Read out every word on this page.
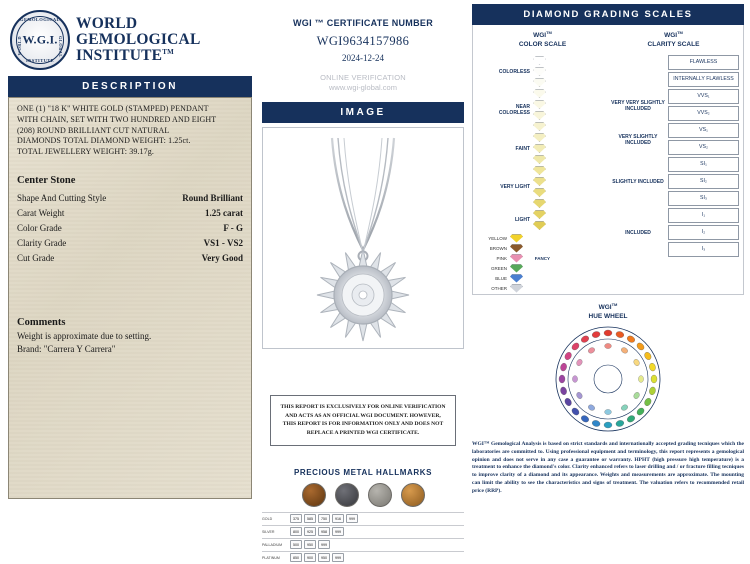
GEMOLOGICAL
INSTITUTE
WORLD	GLOBAL
W.G.I.
WORLD
GEMOLOGICAL
INSTITUTE™
DESCRIPTION
ONE (1) "18 K" WHITE GOLD (STAMPED) PENDANT
WITH CHAIN, SET WITH TWO HUNDRED AND EIGHT
(208) ROUND BRILLIANT CUT NATURAL
DIAMONDS TOTAL DIAMOND WEIGHT: 1.25ct.
TOTAL JEWELLERY WEIGHT: 39.17g.
Center Stone
Shape And Cutting Style	Round Brilliant
Carat Weight	1.25 carat
Color Grade	F - G
Clarity Grade	VS1 - VS2
Cut Grade	Very Good
Comments
Weight is approximate due to setting.
Brand: "Carrera Y Carrera"
WGI ™ CERTIFICATE NUMBER
WGI9634157986
2024-12-24
ONLINE VERIFICATION
www.wgi-global.com
IMAGE
THIS REPORT IS EXCLUSIVELY FOR ONLINE VERIFICATION AND ACTS AS AN OFFICIAL WGI DOCUMENT. HOWEVER, THIS REPORT IS FOR INFORMATION ONLY AND DOES NOT REPLACE A PRINTED WGI CERTIFICATE.
PRECIOUS METAL HALLMARKS
GOLD	375	585	750	916	999
SILVER	800	925	958	999
PALLADIUM	500	950	999
PLATINUM	850	900	950	999
DIAMOND GRADING SCALES
WGI™
COLOR SCALE
COLORLESS
NEAR
COLORLESS
FAINT
VERY LIGHT
LIGHT
YELLOW
BROWN
PINK	FANCY
GREEN
BLUE
OTHER
WGI™
CLARITY SCALE
VERY VERY SLIGHTLY INCLUDED
VERY SLIGHTLY INCLUDED
SLIGHTLY INCLUDED
INCLUDED
FLAWLESS
INTERNALLY FLAWLESS
VVS₁
VVS₂
VS₁
VS₂
SI₁
SI₂
SI₃
I₁
I₂
I₃
WGI™
HUE WHEEL
WGI™ Gemological Analysis is based on strict standards and internationally accepted grading tecniques which the laboratories are committed to. Using professional equipment and terminology, this report represents a gemological opinion and does not serve in any case a guarantee or warranty. HPHT (high pressure high temperature) is a treatment to enhance the diamond's color. Clarity enhanced refers to laser drilling and / or fracture filling tecniques to improve clarity of a diamond and its appearance. Weights and measurements are approximate. The mounting can limit the ability to see the characteristics and signs of treatment. The valuation refers to recommended retail price (RRP).
